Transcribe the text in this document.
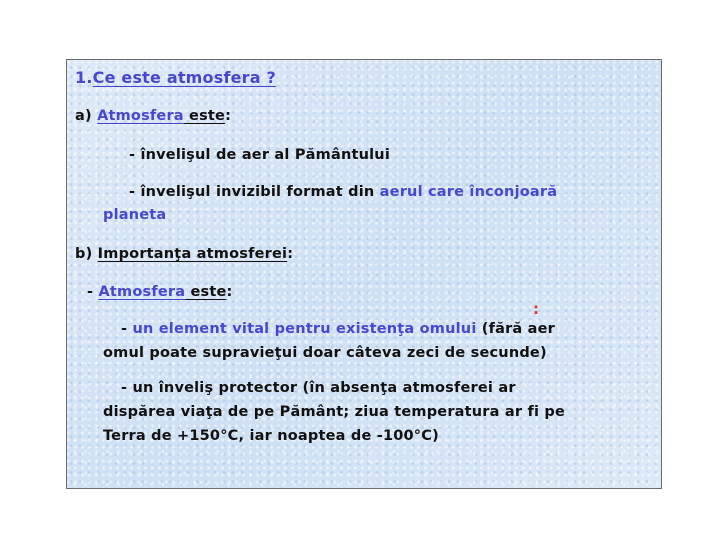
1.Ce este atmosfera ?
a) Atmosfera este:
- învelişul de aer al Pământului
- învelişul invizibil format din aerul care înconjoară
planeta
b) Importanţa atmosferei:
- Atmosfera este:
:
- un element vital pentru existenţa omului (fără aer
omul poate supravieţui doar câteva zeci de secunde)
- un înveliş protector (în absenţa atmosferei ar
dispărea viaţa de pe Pământ; ziua temperatura ar fi pe
Terra de +150°C, iar noaptea de -100°C)
